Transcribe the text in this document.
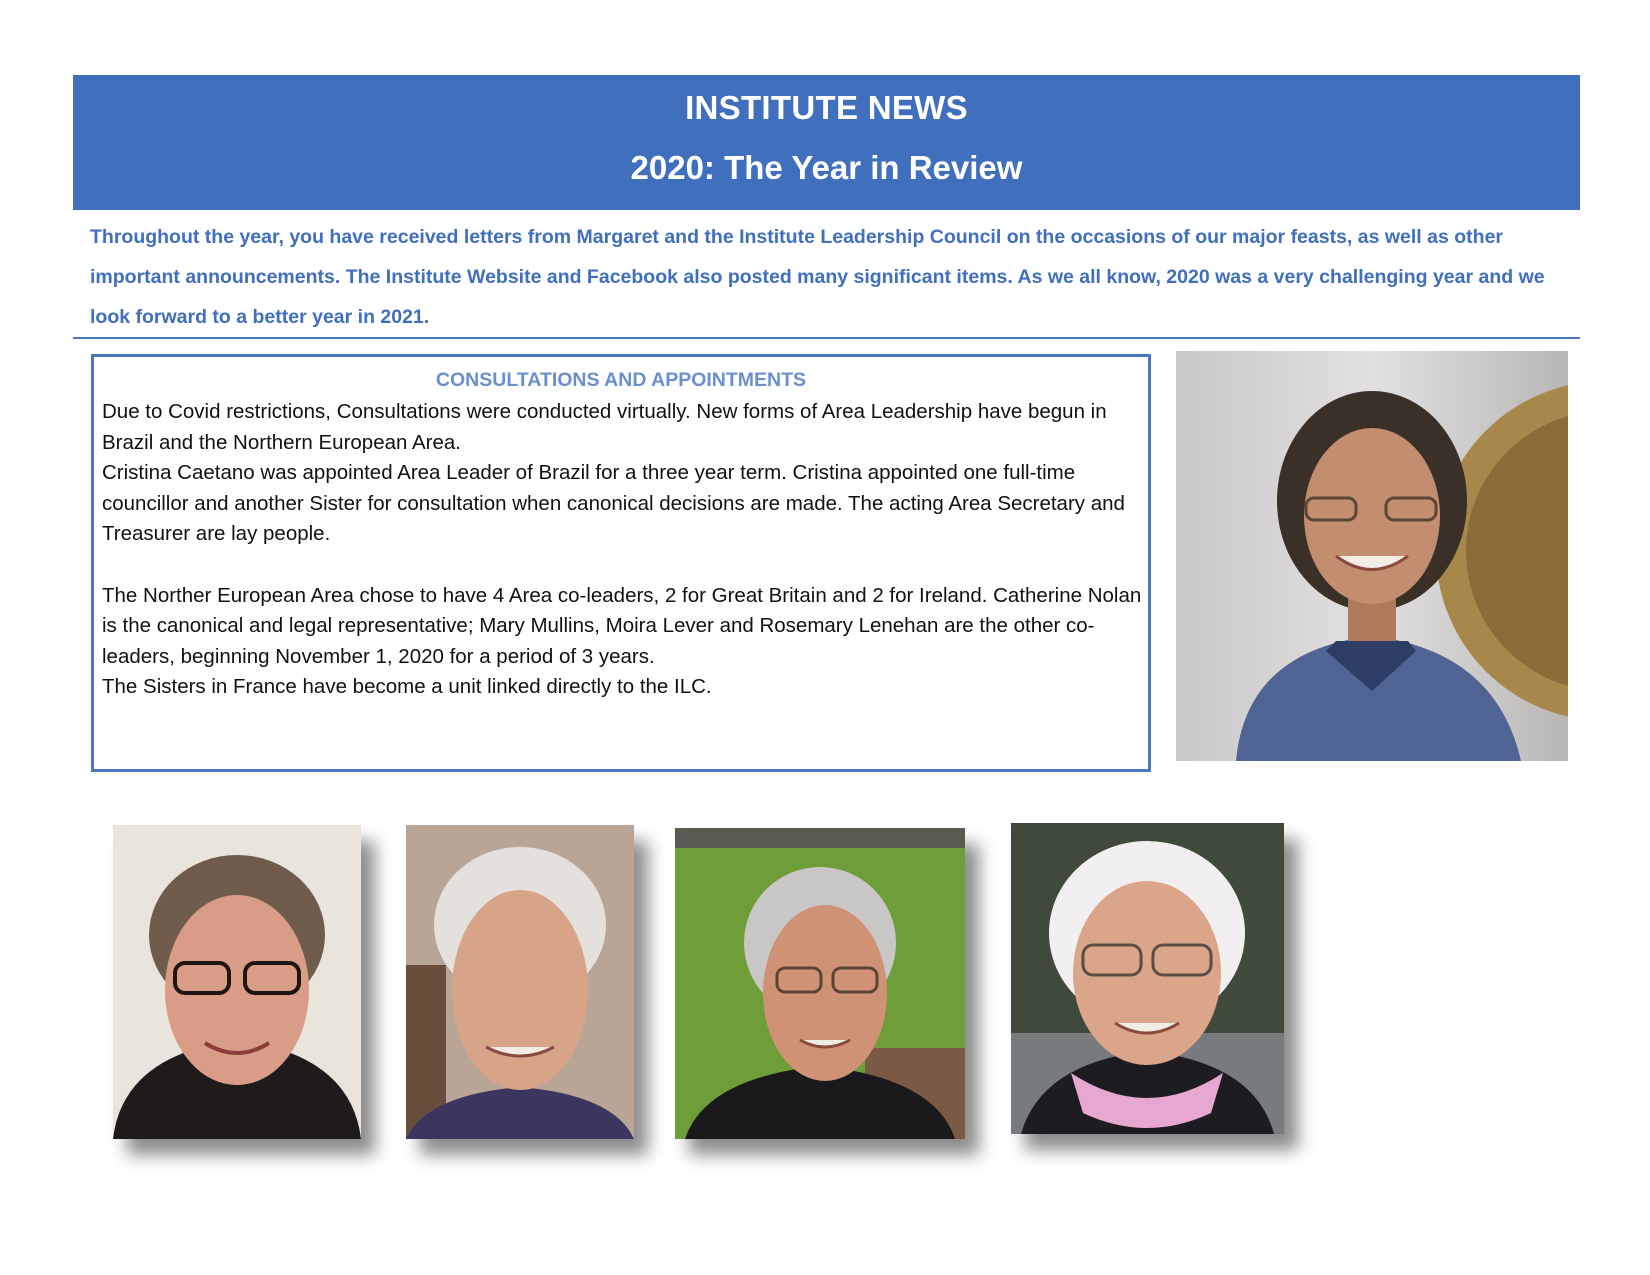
INSTITUTE NEWS
2020: The Year in Review

Throughout the year, you have received letters from Margaret and the Institute Leadership Council on the occasions of our major feasts, as well as other important announcements. The Institute Website and Facebook also posted many significant items. As we all know, 2020 was a very challenging year and we look forward to a better year in 2021.

CONSULTATIONS AND APPOINTMENTS

Due to Covid restrictions, Consultations were conducted virtually. New forms of Area Leadership have begun in Brazil and the Northern European Area.

Cristina Caetano was appointed Area Leader of Brazil for a three year term. Cristina appointed one full-time councillor and another Sister for consultation when canonical decisions are made. The acting Area Secretary and Treasurer are lay people.

The Norther European Area chose to have 4 Area co-leaders, 2 for Great Britain and 2 for Ireland. Catherine Nolan is the canonical and legal representative; Mary Mullins, Moira Lever and Rosemary Lenehan are the other co-leaders, beginning November 1, 2020 for a period of 3 years.

The Sisters in France have become a unit linked directly to the ILC.
